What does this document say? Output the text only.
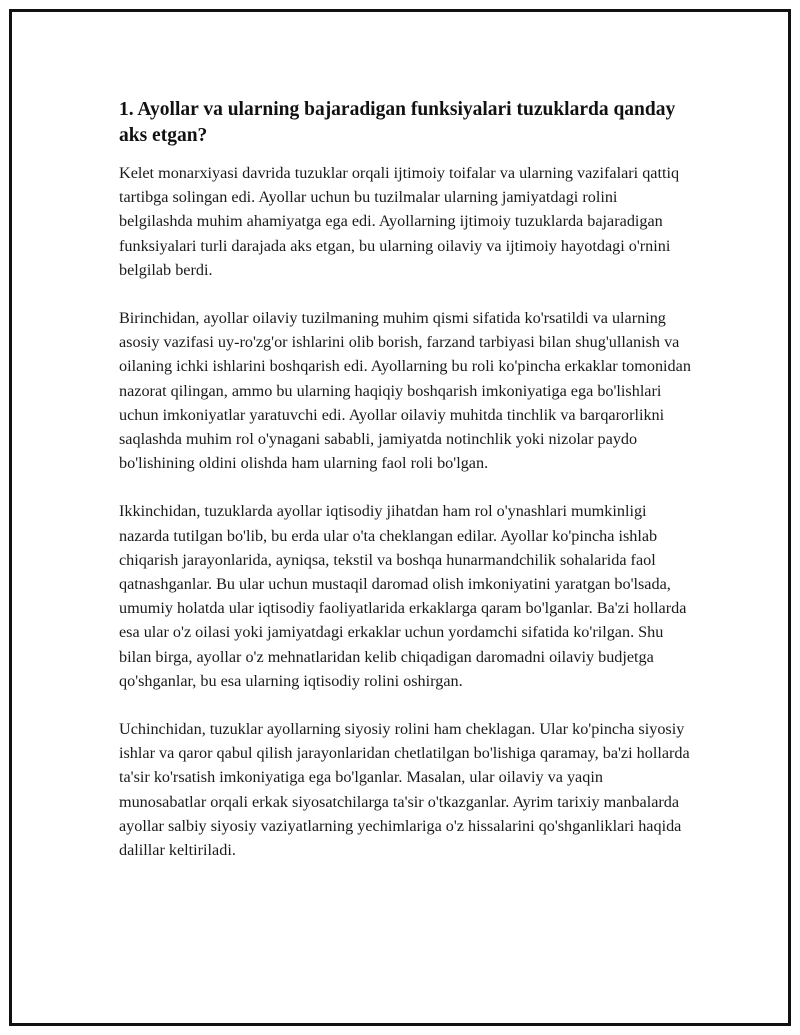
1. Ayollar va ularning bajaradigan funksiyalari tuzuklarda qanday aks etgan?

Kelet monarxiyasi davrida tuzuklar orqali ijtimoiy toifalar va ularning vazifalari qattiq tartibga solingan edi. Ayollar uchun bu tuzilmalar ularning jamiyatdagi rolini belgilashda muhim ahamiyatga ega edi. Ayollarning ijtimoiy tuzuklarda bajaradigan funksiyalari turli darajada aks etgan, bu ularning oilaviy va ijtimoiy hayotdagi o'rnini belgilab berdi.

Birinchidan, ayollar oilaviy tuzilmaning muhim qismi sifatida ko'rsatildi va ularning asosiy vazifasi uy-ro'zg'or ishlarini olib borish, farzand tarbiyasi bilan shug'ullanish va oilaning ichki ishlarini boshqarish edi. Ayollarning bu roli ko'pincha erkaklar tomonidan nazorat qilingan, ammo bu ularning haqiqiy boshqarish imkoniyatiga ega bo'lishlari uchun imkoniyatlar yaratuvchi edi. Ayollar oilaviy muhitda tinchlik va barqarorlikni saqlashda muhim rol o'ynagani sababli, jamiyatda notinchlik yoki nizolar paydo bo'lishining oldini olishda ham ularning faol roli bo'lgan.

Ikkinchidan, tuzuklarda ayollar iqtisodiy jihatdan ham rol o'ynashlari mumkinligi nazarda tutilgan bo'lib, bu erda ular o'ta cheklangan edilar. Ayollar ko'pincha ishlab chiqarish jarayonlarida, ayniqsa, tekstil va boshqa hunarmandchilik sohalarida faol qatnashganlar. Bu ular uchun mustaqil daromad olish imkoniyatini yaratgan bo'lsada, umumiy holatda ular iqtisodiy faoliyatlarida erkaklarga qaram bo'lganlar. Ba'zi hollarda esa ular o'z oilasi yoki jamiyatdagi erkaklar uchun yordamchi sifatida ko'rilgan. Shu bilan birga, ayollar o'z mehnatlaridan kelib chiqadigan daromadni oilaviy budjetga qo'shganlar, bu esa ularning iqtisodiy rolini oshirgan.

Uchinchidan, tuzuklar ayollarning siyosiy rolini ham cheklagan. Ular ko'pincha siyosiy ishlar va qaror qabul qilish jarayonlaridan chetlatilgan bo'lishiga qaramay, ba'zi hollarda ta'sir ko'rsatish imkoniyatiga ega bo'lganlar. Masalan, ular oilaviy va yaqin munosabatlar orqali erkak siyosatchilarga ta'sir o'tkazganlar. Ayrim tarixiy manbalarda ayollar salbiy siyosiy vaziyatlarning yechimlariga o'z hissalarini qo'shganliklari haqida dalillar keltiriladi.
